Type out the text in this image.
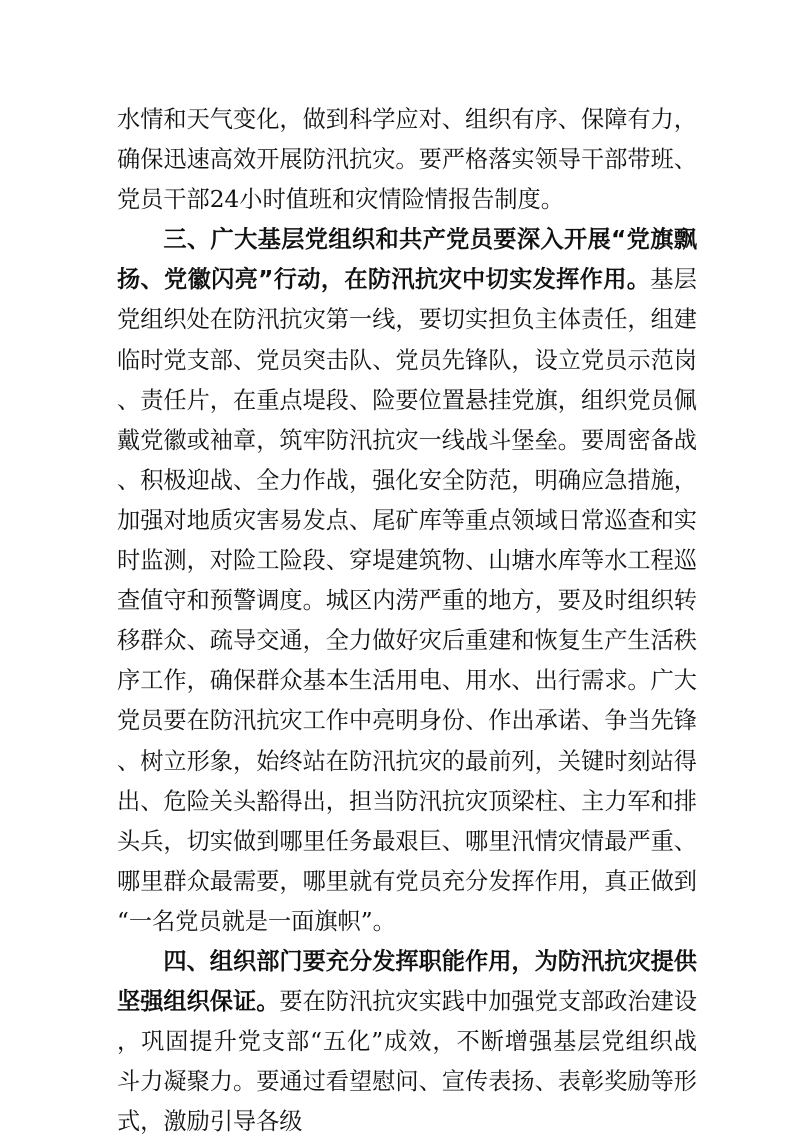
水情和天气变化，做到科学应对、组织有序、保障有力，确保迅速高效开展防汛抗灾。要严格落实领导干部带班、党员干部24小时值班和灾情险情报告制度。

三、广大基层党组织和共产党员要深入开展“党旗飘扬、党徽闪亮”行动，在防汛抗灾中切实发挥作用。基层党组织处在防汛抗灾第一线，要切实担负主体责任，组建临时党支部、党员突击队、党员先锋队，设立党员示范岗、责任片，在重点堤段、险要位置悬挂党旗，组织党员佩戴党徽或袖章，筑牢防汛抗灾一线战斗堡垒。要周密备战、积极迎战、全力作战，强化安全防范，明确应急措施，加强对地质灾害易发点、尾矿库等重点领域日常巡查和实时监测，对险工险段、穿堤建筑物、山塘水库等水工程巡查值守和预警调度。城区内涝严重的地方，要及时组织转移群众、疏导交通，全力做好灾后重建和恢复生产生活秩序工作，确保群众基本生活用电、用水、出行需求。广大党员要在防汛抗灾工作中亮明身份、作出承诺、争当先锋、树立形象，始终站在防汛抗灾的最前列，关键时刻站得出、危险关头豁得出，担当防汛抗灾顶梁柱、主力军和排头兵，切实做到哪里任务最艰巨、哪里汛情灾情最严重、哪里群众最需要，哪里就有党员充分发挥作用，真正做到“一名党员就是一面旗帜”。

四、组织部门要充分发挥职能作用，为防汛抗灾提供坚强组织保证。要在防汛抗灾实践中加强党支部政治建设，巩固提升党支部“五化”成效，不断增强基层党组织战斗力凝聚力。要通过看望慰问、宣传表扬、表彰奖励等形式，激励引导各级
